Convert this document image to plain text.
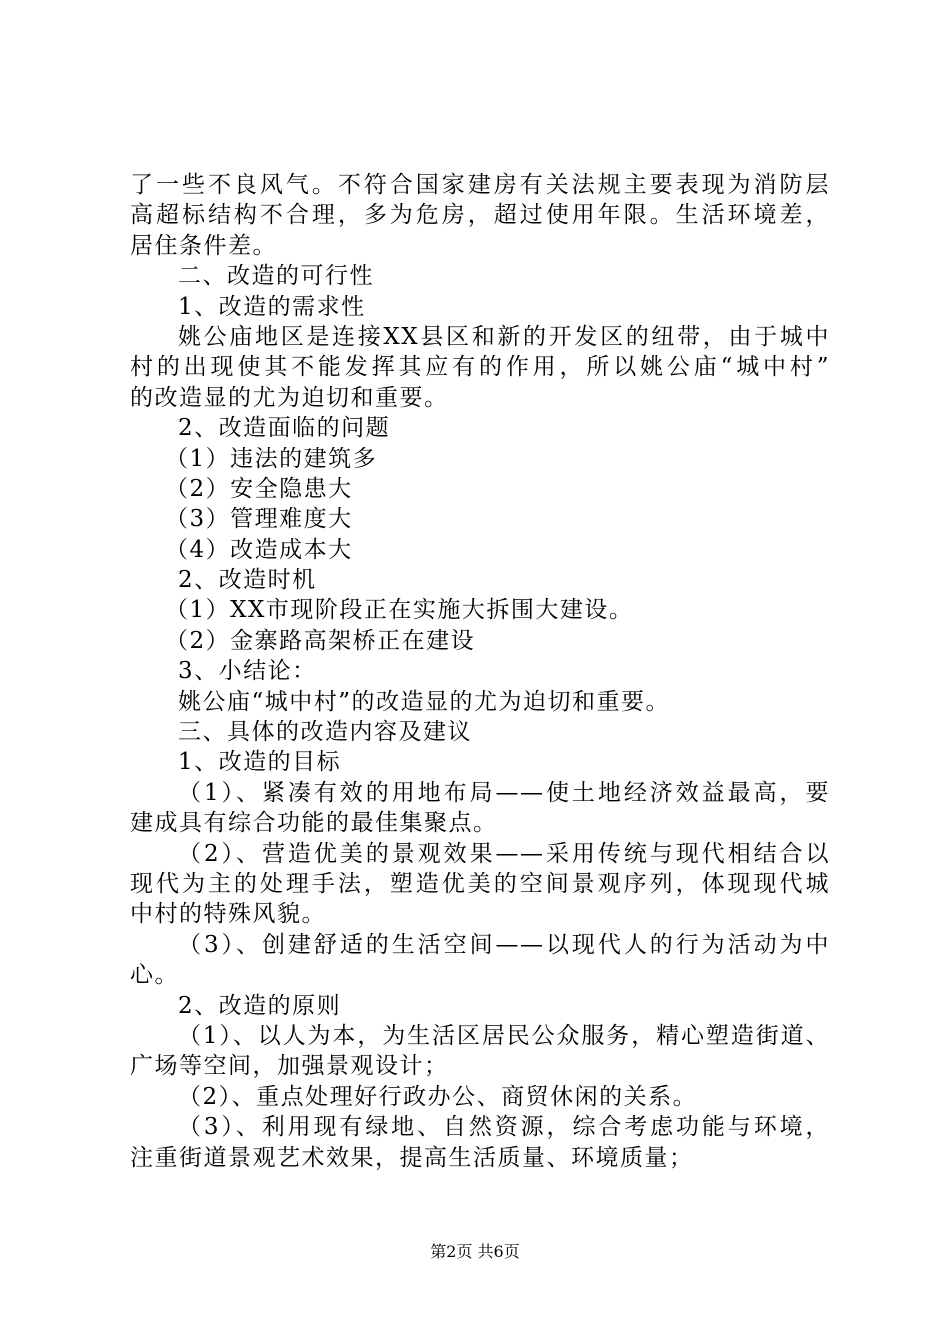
了一些不良风气。不符合国家建房有关法规主要表现为消防层
高超标结构不合理，多为危房，超过使用年限。生活环境差，
居住条件差。
二、改造的可行性
1、改造的需求性
姚公庙地区是连接XX县区和新的开发区的纽带，由于城中
村的出现使其不能发挥其应有的作用，所以姚公庙“城中村”
的改造显的尤为迫切和重要。
2、改造面临的问题
（1）违法的建筑多
（2）安全隐患大
（3）管理难度大
（4）改造成本大
2、改造时机
（1）XX市现阶段正在实施大拆围大建设。
（2）金寨路高架桥正在建设
3、小结论：
姚公庙“城中村”的改造显的尤为迫切和重要。
三、具体的改造内容及建议
1、改造的目标
（1）、紧凑有效的用地布局——使土地经济效益最高，要
建成具有综合功能的最佳集聚点。
（2）、营造优美的景观效果——采用传统与现代相结合以
现代为主的处理手法，塑造优美的空间景观序列，体现现代城
中村的特殊风貌。
（3）、创建舒适的生活空间——以现代人的行为活动为中
心。
2、改造的原则
（1）、以人为本，为生活区居民公众服务，精心塑造街道、
广场等空间，加强景观设计；
（2）、重点处理好行政办公、商贸休闲的关系。
（3）、利用现有绿地、自然资源，综合考虑功能与环境，
注重街道景观艺术效果，提高生活质量、环境质量；
第2页 共6页
